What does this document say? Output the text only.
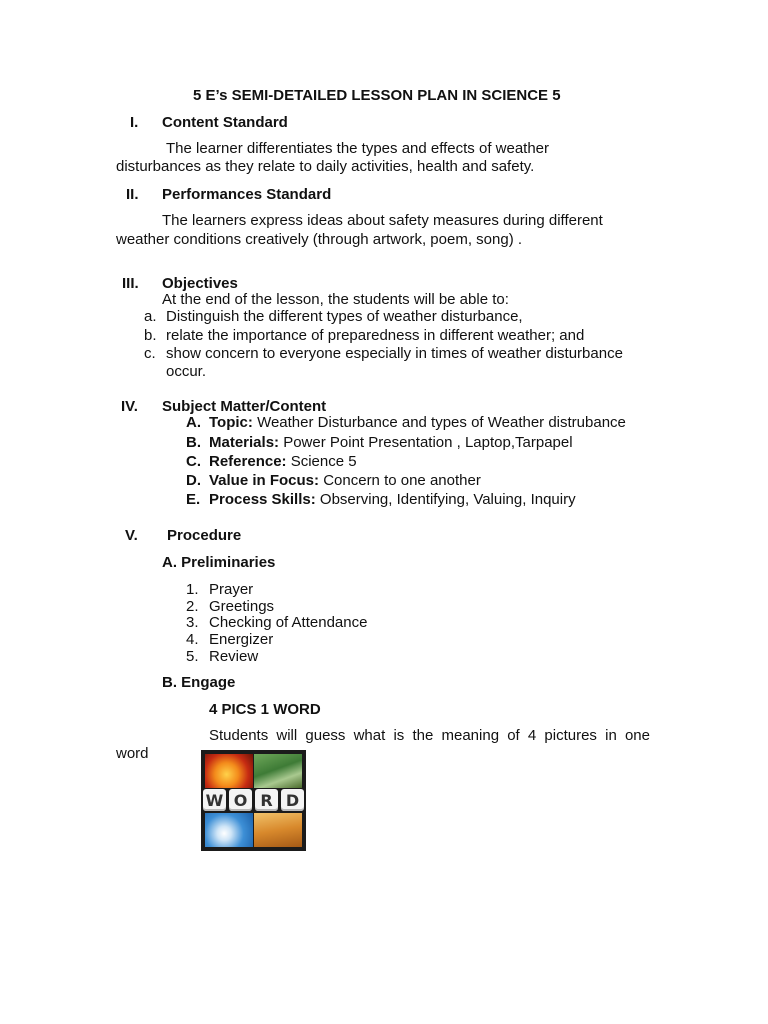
5 E’s SEMI-DETAILED LESSON PLAN IN SCIENCE 5
I.	Content Standard
The learner differentiates the types and effects of weather
disturbances as they relate to daily activities, health and safety.
II.	Performances Standard
The learners express ideas about safety measures during different
weather conditions creatively (through artwork, poem, song) .
III.	Objectives
At the end of the lesson, the students will be able to:
a. Distinguish the different types of weather disturbance,
b. relate the importance of preparedness in different weather; and
c. show concern to everyone especially in times of weather disturbance
occur.
IV.	Subject Matter/Content
A. Topic: Weather Disturbance and types of Weather distrubance
B. Materials: Power Point Presentation , Laptop,Tarpapel
C. Reference: Science 5
D. Value in Focus: Concern to one another
E. Process Skills: Observing, Identifying, Valuing, Inquiry
V.	Procedure
A. Preliminaries
1. Prayer
2. Greetings
3. Checking of Attendance
4. Energizer
5. Review
B. Engage
4 PICS 1 WORD
Students will guess what is the meaning of 4 pictures in one
word
W O R D
